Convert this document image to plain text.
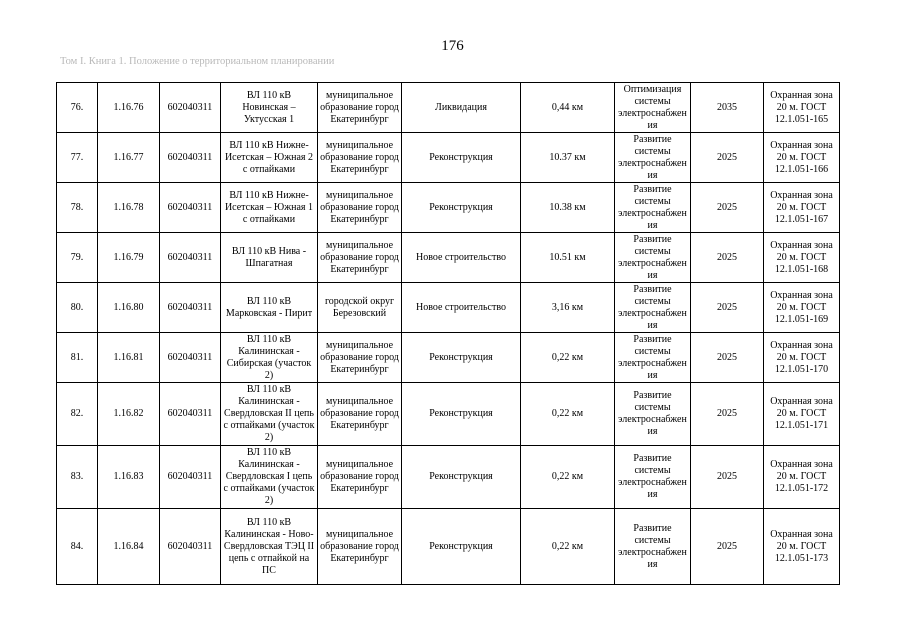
176
Том I. Книга 1. Положение о территориальном планировании
76.	1.16.76	602040311	ВЛ 110 кВ Новинская – Уктусская 1	муниципальное образование город Екатеринбург	Ликвидация	0,44 км	Оптимизация системы электроснабжения	2035	Охранная зона 20 м. ГОСТ 12.1.051-165
77.	1.16.77	602040311	ВЛ 110 кВ Нижне-Исетская – Южная 2 с отпайками	муниципальное образование город Екатеринбург	Реконструкция	10.37 км	Развитие системы электроснабжения	2025	Охранная зона 20 м. ГОСТ 12.1.051-166
78.	1.16.78	602040311	ВЛ 110 кВ Нижне-Исетская – Южная 1 с отпайками	муниципальное образование город Екатеринбург	Реконструкция	10.38 км	Развитие системы электроснабжения	2025	Охранная зона 20 м. ГОСТ 12.1.051-167
79.	1.16.79	602040311	ВЛ 110 кВ Нива - Шпагатная	муниципальное образование город Екатеринбург	Новое строительство	10.51 км	Развитие системы электроснабжения	2025	Охранная зона 20 м. ГОСТ 12.1.051-168
80.	1.16.80	602040311	ВЛ 110 кВ Марковская - Пирит	городской округ Березовский	Новое строительство	3,16 км	Развитие системы электроснабжения	2025	Охранная зона 20 м. ГОСТ 12.1.051-169
81.	1.16.81	602040311	ВЛ 110 кВ Калининская - Сибирская (участок 2)	муниципальное образование город Екатеринбург	Реконструкция	0,22 км	Развитие системы электроснабжения	2025	Охранная зона 20 м. ГОСТ 12.1.051-170
82.	1.16.82	602040311	ВЛ 110 кВ Калининская - Свердловская II цепь с отпайками (участок 2)	муниципальное образование город Екатеринбург	Реконструкция	0,22 км	Развитие системы электроснабжения	2025	Охранная зона 20 м. ГОСТ 12.1.051-171
83.	1.16.83	602040311	ВЛ 110 кВ Калининская - Свердловская I цепь с отпайками (участок 2)	муниципальное образование город Екатеринбург	Реконструкция	0,22 км	Развитие системы электроснабжения	2025	Охранная зона 20 м. ГОСТ 12.1.051-172
84.	1.16.84	602040311	ВЛ 110 кВ Калининская - Ново-Свердловская ТЭЦ II цепь с отпайкой на ПС	муниципальное образование город Екатеринбург	Реконструкция	0,22 км	Развитие системы электроснабжения	2025	Охранная зона 20 м. ГОСТ 12.1.051-173
